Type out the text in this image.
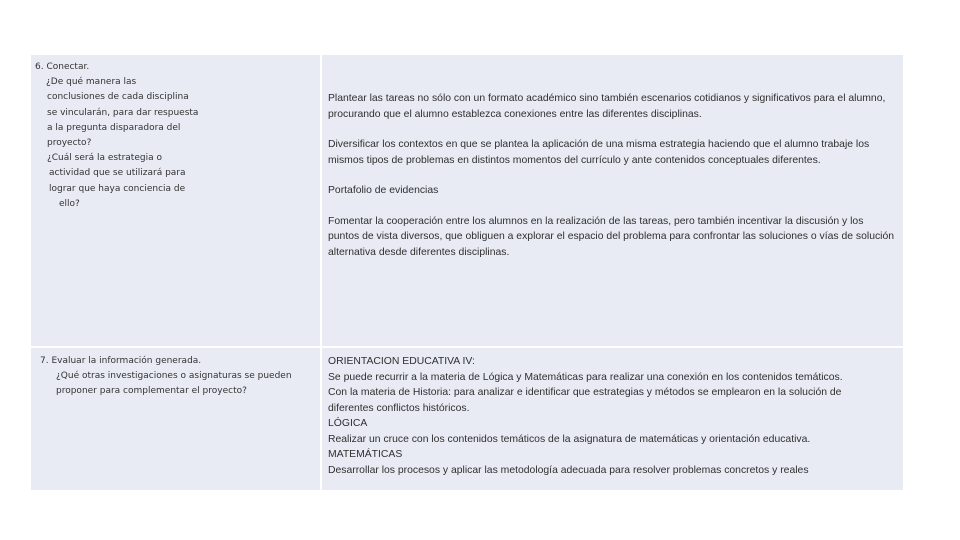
6. Conectar.
¿De qué manera las
conclusiones de cada disciplina
se vincularán, para dar respuesta
a la pregunta disparadora del
proyecto?
¿Cuál será la estrategia o
actividad que se utilizará para
lograr que haya conciencia de
ello?

Plantear las tareas no sólo con un formato académico sino también escenarios cotidianos y significativos para el alumno, procurando que el alumno establezca conexiones entre las diferentes disciplinas.

Diversificar los contextos en que se plantea la aplicación de una misma estrategia haciendo que el alumno trabaje los mismos tipos de problemas en distintos momentos del currículo y ante contenidos conceptuales diferentes.

Portafolio de evidencias

Fomentar la cooperación entre los alumnos en la realización de las tareas, pero también incentivar la discusión y los puntos de vista diversos, que obliguen a explorar el espacio del problema para confrontar las soluciones o vías de solución alternativa desde diferentes disciplinas.

7. Evaluar la información generada.
¿Qué otras investigaciones o asignaturas se pueden
proponer para complementar el proyecto?
ORIENTACION EDUCATIVA IV:
Se puede recurrir a la materia de Lógica y Matemáticas para realizar una conexión en los contenidos temáticos.
Con la materia de Historia: para analizar e identificar que estrategias y métodos se emplearon en la solución de
diferentes conflictos históricos.
LÓGICA
Realizar un cruce con los contenidos temáticos de la asignatura de matemáticas y orientación educativa.
MATEMÁTICAS
Desarrollar los procesos y aplicar las metodología adecuada para resolver problemas concretos y reales
